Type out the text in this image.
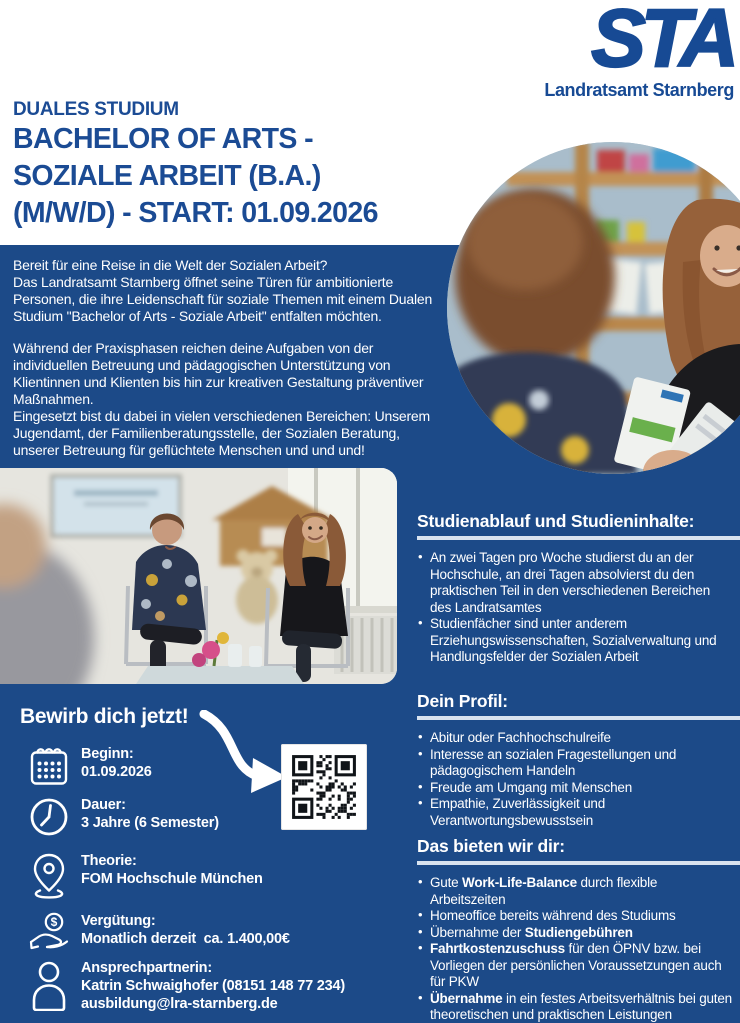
STA
Landratsamt Starnberg
DUALES STUDIUM
BACHELOR OF ARTS -
SOZIALE ARBEIT (B.A.)
(M/W/D) - START: 01.09.2026

Bereit für eine Reise in die Welt der Sozialen Arbeit?

Das Landratsamt Starnberg öffnet seine Türen für ambitionierte Personen, die ihre Leidenschaft für soziale Themen mit einem Dualen Studium "Bachelor of Arts - Soziale Arbeit" entfalten möchten.

Während der Praxisphasen reichen deine Aufgaben von der individuellen Betreuung und pädagogischen Unterstützung von Klientinnen und Klienten bis hin zur kreativen Gestaltung präventiver Maßnahmen.

Eingesetzt bist du dabei in vielen verschiedenen Bereichen: Unserem Jugendamt, der Familienberatungsstelle, der Sozialen Beratung, unserer Betreuung für geflüchtete Menschen und und und!

Studienablauf und Studieninhalte:
• An zwei Tagen pro Woche studierst du an der Hochschule, an drei Tagen absolvierst du den praktischen Teil in den verschiedenen Bereichen des Landratsamtes
• Studienfächer sind unter anderem Erziehungswissenschaften, Sozialverwaltung und Handlungsfelder der Sozialen Arbeit
Dein Profil:
• Abitur oder Fachhochschulreife
• Interesse an sozialen Fragestellungen und pädagogischem Handeln
• Freude am Umgang mit Menschen
• Empathie, Zuverlässigkeit und Verantwortungsbewusstsein
Das bieten wir dir:
• Gute Work-Life-Balance durch flexible Arbeitszeiten
• Homeoffice bereits während des Studiums
• Übernahme der Studiengebühren
• Fahrtkostenzuschuss für den ÖPNV bzw. bei Vorliegen der persönlichen Voraussetzungen auch für PKW
• Übernahme in ein festes Arbeitsverhältnis bei guten theoretischen und praktischen Leistungen
Bewirb dich jetzt!
Beginn:
01.09.2026
Dauer:
3 Jahre (6 Semester)
Theorie:
FOM Hochschule München
$ Vergütung:
Monatlich derzeit  ca. 1.400,00€
Ansprechpartnerin:
Katrin Schwaighofer (08151 148 77 234)
ausbildung@lra-starnberg.de
